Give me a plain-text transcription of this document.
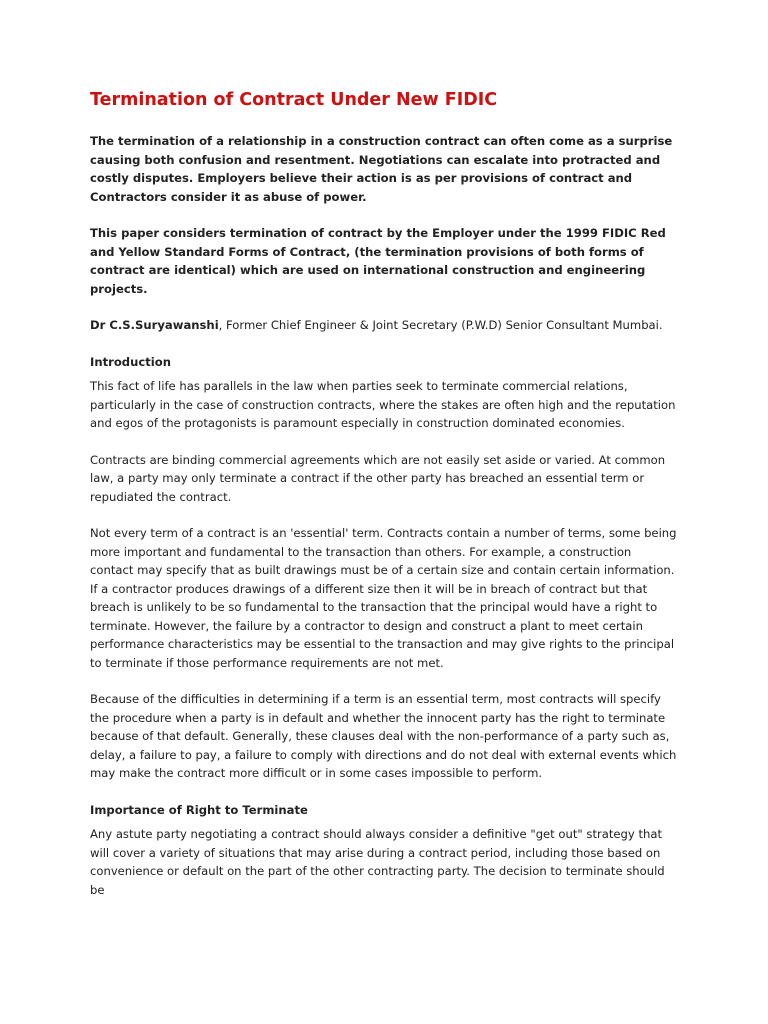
Termination of Contract Under New FIDIC

The termination of a relationship in a construction contract can often come as a surprise causing both confusion and resentment. Negotiations can escalate into protracted and costly disputes. Employers believe their action is as per provisions of contract and Contractors consider it as abuse of power.

This paper considers termination of contract by the Employer under the 1999 FIDIC Red and Yellow Standard Forms of Contract, (the termination provisions of both forms of contract are identical) which are used on international construction and engineering projects.

Dr C.S.Suryawanshi, Former Chief Engineer & Joint Secretary (P.W.D) Senior Consultant Mumbai.

Introduction

This fact of life has parallels in the law when parties seek to terminate commercial relations, particularly in the case of construction contracts, where the stakes are often high and the reputation and egos of the protagonists is paramount especially in construction dominated economies.

Contracts are binding commercial agreements which are not easily set aside or varied. At common law, a party may only terminate a contract if the other party has breached an essential term or repudiated the contract.

Not every term of a contract is an 'essential' term. Contracts contain a number of terms, some being more important and fundamental to the transaction than others. For example, a construction contact may specify that as built drawings must be of a certain size and contain certain information. If a contractor produces drawings of a different size then it will be in breach of contract but that breach is unlikely to be so fundamental to the transaction that the principal would have a right to terminate. However, the failure by a contractor to design and construct a plant to meet certain performance characteristics may be essential to the transaction and may give rights to the principal to terminate if those performance requirements are not met.

Because of the difficulties in determining if a term is an essential term, most contracts will specify the procedure when a party is in default and whether the innocent party has the right to terminate because of that default. Generally, these clauses deal with the non-performance of a party such as, delay, a failure to pay, a failure to comply with directions and do not deal with external events which may make the contract more difficult or in some cases impossible to perform.

Importance of Right to Terminate

Any astute party negotiating a contract should always consider a definitive "get out" strategy that will cover a variety of situations that may arise during a contract period, including those based on convenience or default on the part of the other contracting party. The decision to terminate should be
